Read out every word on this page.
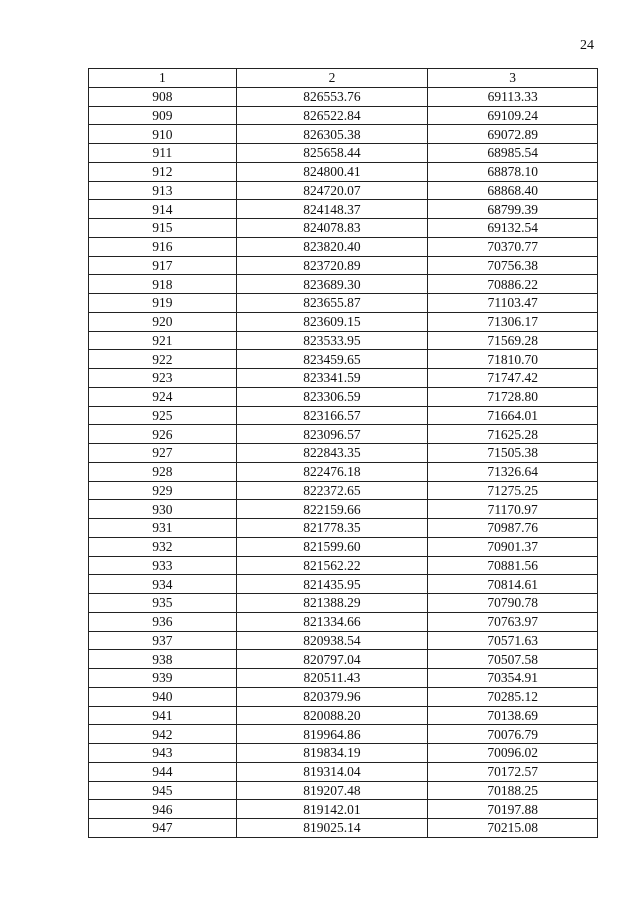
24
1	2	3
908	826553.76	69113.33
909	826522.84	69109.24
910	826305.38	69072.89
911	825658.44	68985.54
912	824800.41	68878.10
913	824720.07	68868.40
914	824148.37	68799.39
915	824078.83	69132.54
916	823820.40	70370.77
917	823720.89	70756.38
918	823689.30	70886.22
919	823655.87	71103.47
920	823609.15	71306.17
921	823533.95	71569.28
922	823459.65	71810.70
923	823341.59	71747.42
924	823306.59	71728.80
925	823166.57	71664.01
926	823096.57	71625.28
927	822843.35	71505.38
928	822476.18	71326.64
929	822372.65	71275.25
930	822159.66	71170.97
931	821778.35	70987.76
932	821599.60	70901.37
933	821562.22	70881.56
934	821435.95	70814.61
935	821388.29	70790.78
936	821334.66	70763.97
937	820938.54	70571.63
938	820797.04	70507.58
939	820511.43	70354.91
940	820379.96	70285.12
941	820088.20	70138.69
942	819964.86	70076.79
943	819834.19	70096.02
944	819314.04	70172.57
945	819207.48	70188.25
946	819142.01	70197.88
947	819025.14	70215.08
